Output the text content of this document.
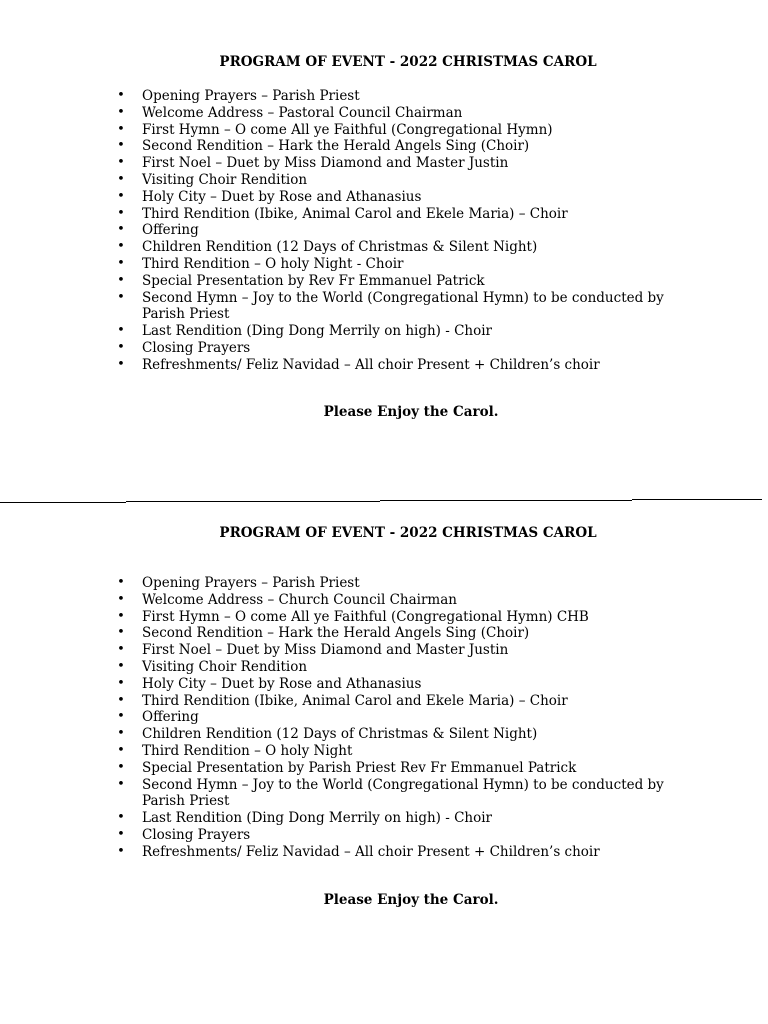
PROGRAM OF EVENT - 2022 CHRISTMAS CAROL
• Opening Prayers – Parish Priest
• Welcome Address – Pastoral Council Chairman
• First Hymn – O come All ye Faithful (Congregational Hymn)
• Second Rendition – Hark the Herald Angels Sing (Choir)
• First Noel – Duet by Miss Diamond and Master Justin
• Visiting Choir Rendition
• Holy City – Duet by Rose and Athanasius
• Third Rendition (Ibike, Animal Carol and Ekele Maria) – Choir
• Offering
• Children Rendition (12 Days of Christmas & Silent Night)
• Third Rendition – O holy Night - Choir
• Special Presentation by Rev Fr Emmanuel Patrick
• Second Hymn – Joy to the World (Congregational Hymn) to be conducted by Parish Priest
• Last Rendition (Ding Dong Merrily on high) - Choir
• Closing Prayers
• Refreshments/ Feliz Navidad – All choir Present + Children’s choir

Please Enjoy the Carol.

PROGRAM OF EVENT - 2022 CHRISTMAS CAROL
• Opening Prayers – Parish Priest
• Welcome Address – Church Council Chairman
• First Hymn – O come All ye Faithful (Congregational Hymn) CHB
• Second Rendition – Hark the Herald Angels Sing (Choir)
• First Noel – Duet by Miss Diamond and Master Justin
• Visiting Choir Rendition
• Holy City – Duet by Rose and Athanasius
• Third Rendition (Ibike, Animal Carol and Ekele Maria) – Choir
• Offering
• Children Rendition (12 Days of Christmas & Silent Night)
• Third Rendition – O holy Night
• Special Presentation by Parish Priest Rev Fr Emmanuel Patrick
• Second Hymn – Joy to the World (Congregational Hymn) to be conducted by Parish Priest
• Last Rendition (Ding Dong Merrily on high) - Choir
• Closing Prayers
• Refreshments/ Feliz Navidad – All choir Present + Children’s choir

Please Enjoy the Carol.
